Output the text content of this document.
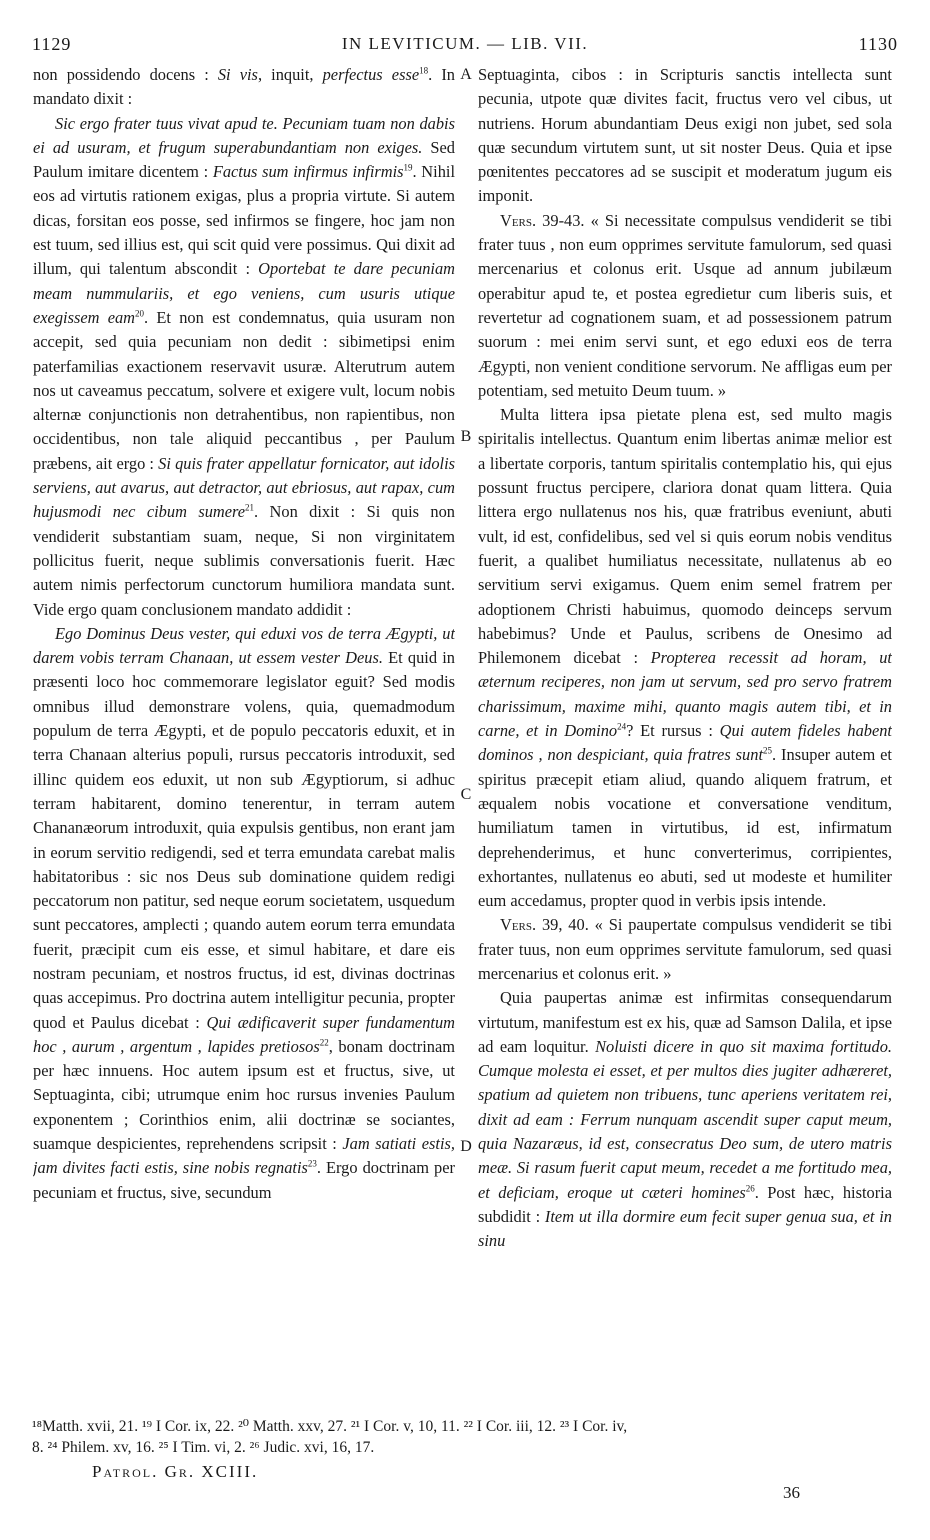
1129	IN LEVITICUM. — LIB. VII.	1130

non possidendo docens : Si vis, inquit, perfectus esse$^{18}$. In mandato dixit :

Sic ergo frater tuus vivat apud te. Pecuniam tuam non dabis ei ad usuram, et frugum superabundantiam non exiges. Sed Paulum imitare dicentem : Factus sum infirmus infirmis$^{19}$. Nihil eos ad virtutis rationem exigas, plus a propria virtute. Si autem dicas, forsitan eos posse, sed infirmos se fingere, hoc jam non est tuum, sed illius est, qui scit quid vere possimus. Qui dixit ad illum, qui talentum abscondit : Oportebat te dare pecuniam meam nummulariis, et ego veniens, cum usuris utique exegissem eam$^{20}$. Et non est condemnatus, quia usuram non accepit, sed quia pecuniam non dedit : sibimetipsi enim paterfamilias exactionem reservavit usuræ. Alterutrum autem nos ut caveamus peccatum, solvere et exigere vult, locum nobis alternæ conjunctionis non detrahentibus, non rapientibus, non occidentibus, non tale aliquid peccantibus , per Paulum præbens, ait ergo : Si quis frater appellatur fornicator, aut idolis serviens, aut avarus, aut detractor, aut ebriosus, aut rapax, cum hujusmodi nec cibum sumere$^{21}$. Non dixit : Si quis non vendiderit substantiam suam, neque, Si non virginitatem pollicitus fuerit, neque sublimis conversationis fuerit. Hæc autem nimis perfectorum cunctorum humiliora mandata sunt. Vide ergo quam conclusionem mandato addidit :

Ego Dominus Deus vester, qui eduxi vos de terra Ægypti, ut darem vobis terram Chanaan, ut essem vester Deus. Et quid in præsenti loco hoc commemorare legislator eguit? Sed modis omnibus illud demonstrare volens, quia, quemadmodum populum de terra Ægypti, et de populo peccatoris eduxit, et in terra Chanaan alterius populi, rursus peccatoris introduxit, sed illinc quidem eos eduxit, ut non sub Ægyptiorum, si adhuc terram habitarent, domino tenerentur, in terram autem Chananæorum introduxit, quia expulsis gentibus, non erant jam in eorum servitio redigendi, sed et terra emundata carebat malis habitatoribus : sic nos Deus sub dominatione quidem redigi peccatorum non patitur, sed neque eorum societatem, usquedum sunt peccatores, amplecti ; quando autem eorum terra emundata fuerit, præcipit cum eis esse, et simul habitare, et dare eis nostram pecuniam, et nostros fructus, id est, divinas doctrinas quas accepimus. Pro doctrina autem intelligitur pecunia, propter quod et Paulus dicebat : Qui ædificaverit super fundamentum hoc , aurum , argentum , lapides pretiosos$^{22}$, bonam doctrinam per hæc innuens. Hoc autem ipsum est et fructus, sive, ut Septuaginta, cibi; utrumque enim hoc rursus invenies Paulum exponentem ; Corinthios enim, alii doctrinæ se sociantes, suamque despicientes, reprehendens scripsit : Jam satiati estis, jam divites facti estis, sine nobis regnatis$^{23}$. Ergo doctrinam per pecuniam et fructus, sive, secundum

A
B
C
D

Septuaginta, cibos : in Scripturis sanctis intellecta sunt pecunia, utpote quæ divites facit, fructus vero vel cibus, ut nutriens. Horum abundantiam Deus exigi non jubet, sed sola quæ secundum virtutem sunt, ut sit noster Deus. Quia et ipse pœnitentes peccatores ad se suscipit et moderatum jugum eis imponit.

Vers. 39-43. « Si necessitate compulsus vendiderit se tibi frater tuus , non eum opprimes servitute famulorum, sed quasi mercenarius et colonus erit. Usque ad annum jubilæum operabitur apud te, et postea egredietur cum liberis suis, et revertetur ad cognationem suam, et ad possessionem patrum suorum : mei enim servi sunt, et ego eduxi eos de terra Ægypti, non venient conditione servorum. Ne affligas eum per potentiam, sed metuito Deum tuum. »

Multa littera ipsa pietate plena est, sed multo magis spiritalis intellectus. Quantum enim libertas animæ melior est a libertate corporis, tantum spiritalis contemplatio his, qui ejus possunt fructus percipere, clariora donat quam littera. Quia littera ergo nullatenus nos his, quæ fratribus eveniunt, abuti vult, id est, confidelibus, sed vel si quis eorum nobis venditus fuerit, a qualibet humiliatus necessitate, nullatenus ab eo servitium servi exigamus. Quem enim semel fratrem per adoptionem Christi habuimus, quomodo deinceps servum habebimus? Unde et Paulus, scribens de Onesimo ad Philemonem dicebat : Propterea recessit ad horam, ut æternum reciperes, non jam ut servum, sed pro servo fratrem charissimum, maxime mihi, quanto magis autem tibi, et in carne, et in Domino$^{24}$? Et rursus : Qui autem fideles habent dominos , non despiciant, quia fratres sunt$^{25}$. Insuper autem et spiritus præcepit etiam aliud, quando aliquem fratrum, et æqualem nobis vocatione et conversatione venditum, humiliatum tamen in virtutibus, id est, infirmatum deprehenderimus, et hunc converterimus, corripientes, exhortantes, nullatenus eo abuti, sed ut modeste et humiliter eum accedamus, propter quod in verbis ipsis intende.

Vers. 39, 40. « Si paupertate compulsus vendiderit se tibi frater tuus, non eum opprimes servitute famulorum, sed quasi mercenarius et colonus erit. »

Quia paupertas animæ est infirmitas consequendarum virtutum, manifestum est ex his, quæ ad Samson Dalila, et ipse ad eam loquitur. Noluisti dicere in quo sit maxima fortitudo. Cumque molesta ei esset, et per multos dies jugiter adhæreret, spatium ad quietem non tribuens, tunc aperiens veritatem rei, dixit ad eam : Ferrum nunquam ascendit super caput meum, quia Nazaræus, id est, consecratus Deo sum, de utero matris meæ. Si rasum fuerit caput meum, recedet a me fortitudo mea, et deficiam, eroque ut cæteri homines$^{26}$. Post hæc, historia subdidit : Item ut illa dormire eum fecit super genua sua, et in sinu

¹⁸Matth. xvii, 21. ¹⁹ I Cor. ix, 22. ²⁰ Matth. xxv, 27. ²¹ I Cor. v, 10, 11. ²² I Cor. iii, 12. ²³ I Cor. iv,
8. ²⁴ Philem. xv, 16. ²⁵ I Tim. vi, 2. ²⁶ Judic. xvi, 16, 17.
Patrol. Gr. XCIII.
36
